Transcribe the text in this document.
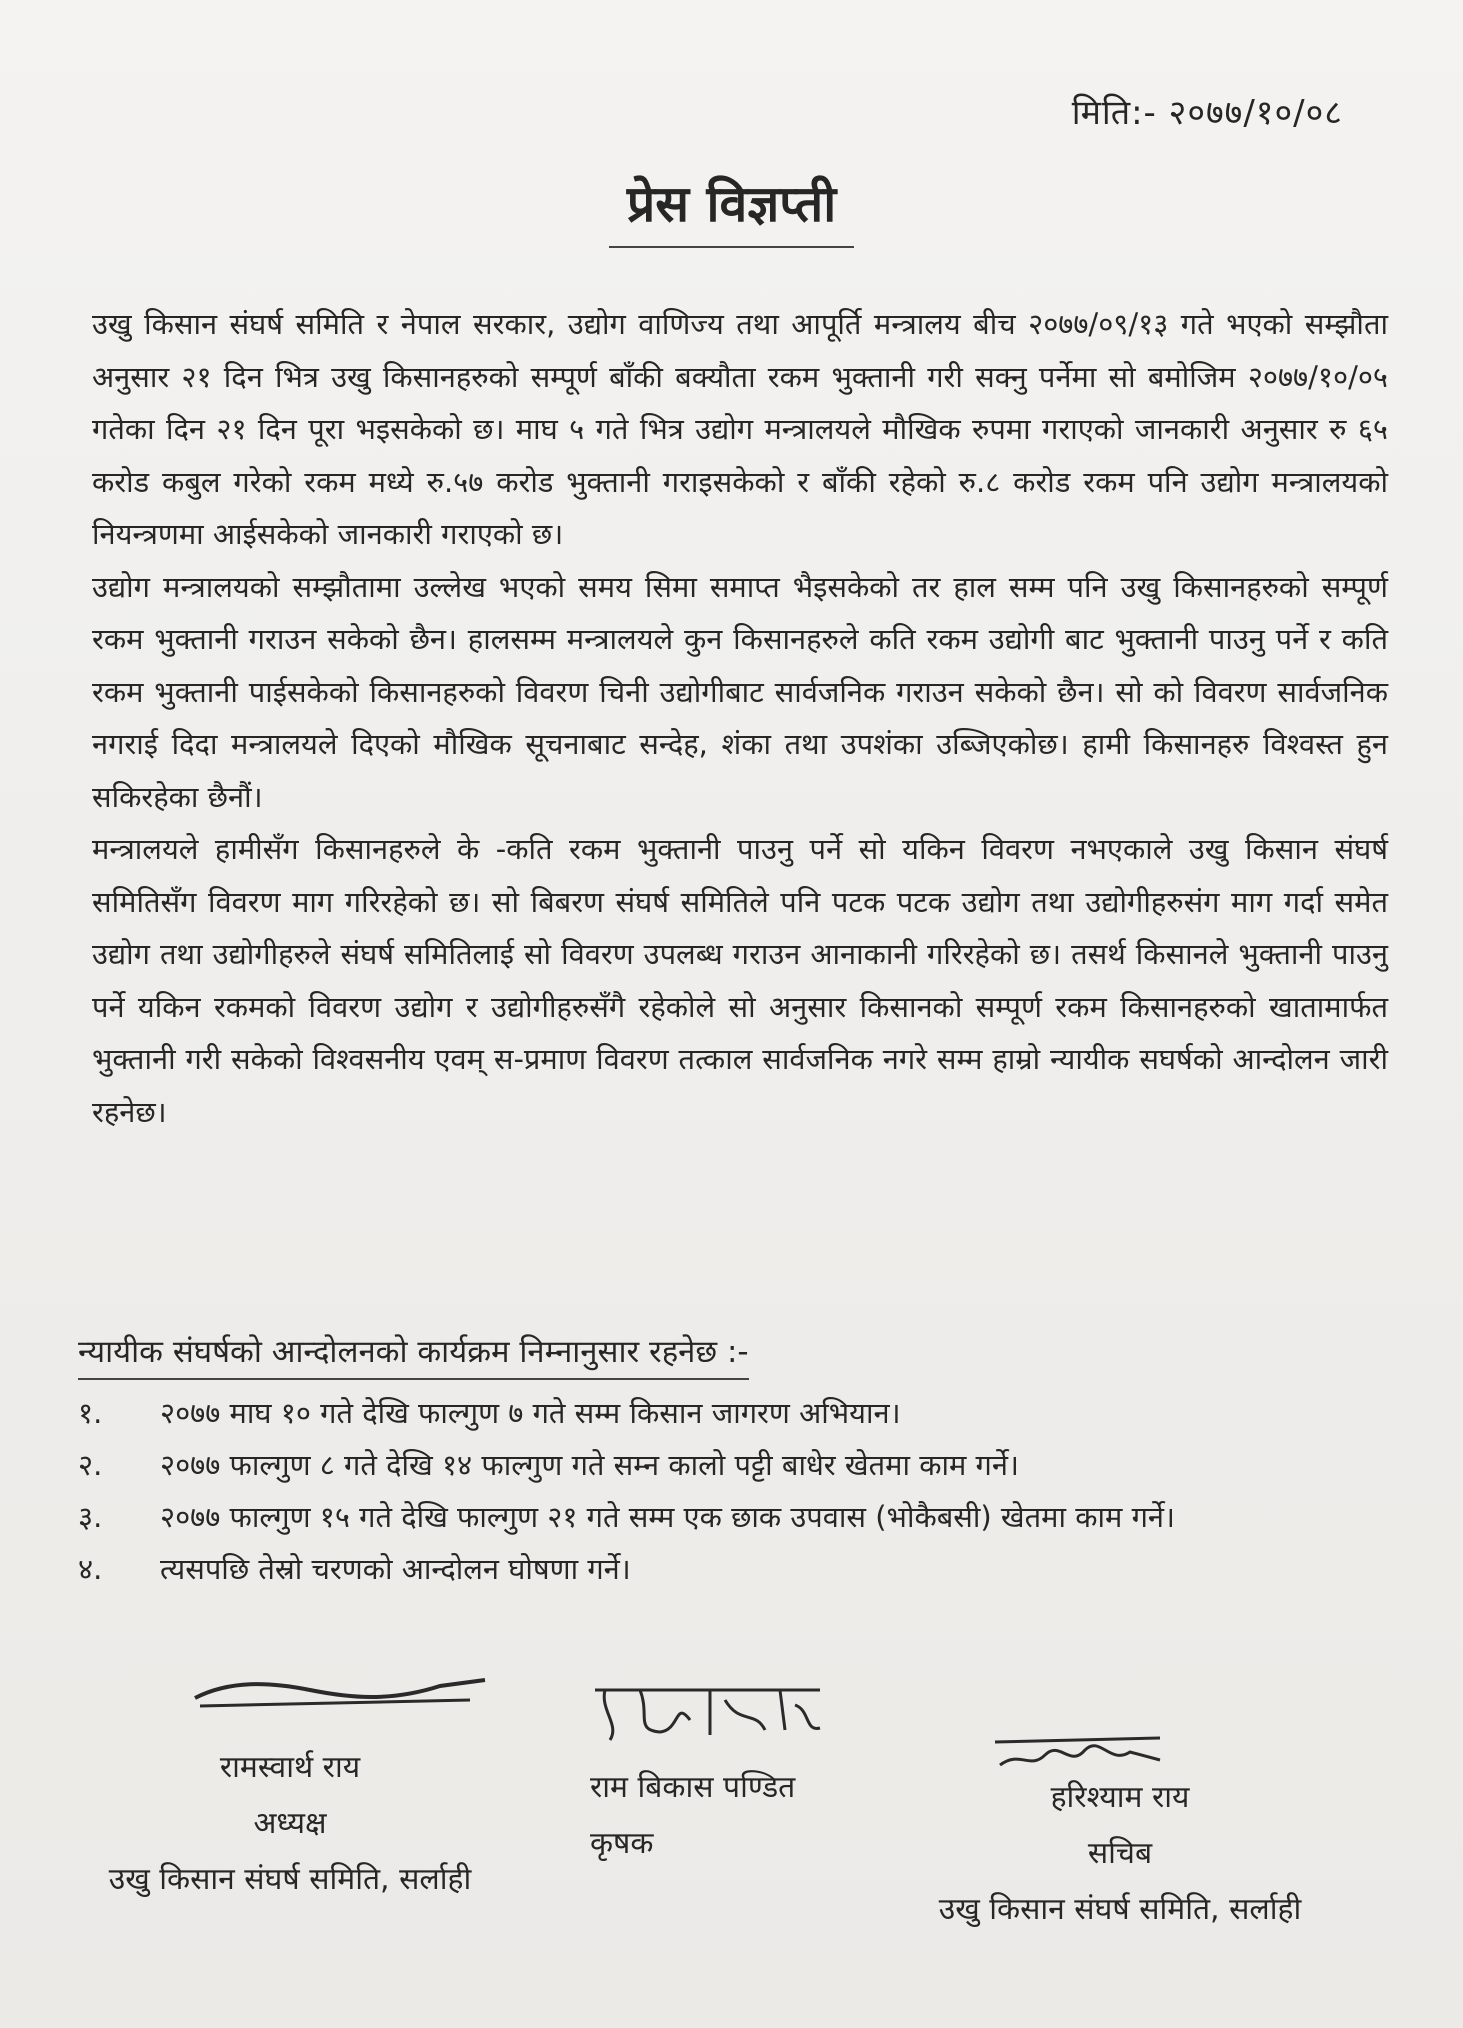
मिति:- २०७७/१०/०८
प्रेस विज्ञप्ती

उखु किसान संघर्ष समिति र नेपाल सरकार, उद्योग वाणिज्य तथा आपूर्ति मन्त्रालय बीच २०७७/०९/१३ गते भएको सम्झौता अनुसार २१ दिन भित्र उखु किसानहरुको सम्पूर्ण बाँकी बक्यौता रकम भुक्तानी गरी सक्नु पर्नेमा सो बमोजिम २०७७/१०/०५ गतेका दिन २१ दिन पूरा भइसकेको छ। माघ ५ गते भित्र उद्योग मन्त्रालयले मौखिक रुपमा गराएको जानकारी अनुसार रु ६५ करोड कबुल गरेको रकम मध्ये रु.५७ करोड भुक्तानी गराइसकेको र बाँकी रहेको रु.८ करोड रकम पनि उद्योग मन्त्रालयको नियन्त्रणमा आईसकेको जानकारी गराएको छ।

उद्योग मन्त्रालयको सम्झौतामा उल्लेख भएको समय सिमा समाप्त भैइसकेको तर हाल सम्म पनि उखु किसानहरुको सम्पूर्ण रकम भुक्तानी गराउन सकेको छैन। हालसम्म मन्त्रालयले कुन किसानहरुले कति रकम उद्योगी बाट भुक्तानी पाउनु पर्ने र कति रकम भुक्तानी पाईसकेको किसानहरुको विवरण चिनी उद्योगीबाट सार्वजनिक गराउन सकेको छैन। सो को विवरण सार्वजनिक नगराई दिदा मन्त्रालयले दिएको मौखिक सूचनाबाट सन्देह, शंका तथा उपशंका उब्जिएकोछ। हामी किसानहरु विश्वस्त हुन सकिरहेका छैनौं।

मन्त्रालयले हामीसँग किसानहरुले के -कति रकम भुक्तानी पाउनु पर्ने सो यकिन विवरण नभएकाले उखु किसान संघर्ष समितिसँग विवरण माग गरिरहेको छ। सो बिबरण संघर्ष समितिले पनि पटक पटक उद्योग तथा उद्योगीहरुसंग माग गर्दा समेत उद्योग तथा उद्योगीहरुले संघर्ष समितिलाई सो विवरण उपलब्ध गराउन आनाकानी गरिरहेको छ। तसर्थ किसानले भुक्तानी पाउनु पर्ने यकिन रकमको विवरण उद्योग र उद्योगीहरुसँगै रहेकोले सो अनुसार किसानको सम्पूर्ण रकम किसानहरुको खातामार्फत भुक्तानी गरी सकेको विश्वसनीय एवम् स-प्रमाण विवरण तत्काल सार्वजनिक नगरे सम्म हाम्रो न्यायीक सघर्षको आन्दोलन जारी रहनेछ।

न्यायीक संघर्षको आन्दोलनको कार्यक्रम निम्नानुसार रहनेछ :-
१.	२०७७ माघ १० गते देखि फाल्गुण ७ गते सम्म किसान जागरण अभियान।
२.	२०७७ फाल्गुण ८ गते देखि १४ फाल्गुण गते सम्न कालो पट्टी बाधेर खेतमा काम गर्ने।
३.	२०७७ फाल्गुण १५ गते देखि फाल्गुण २१ गते सम्म एक छाक उपवास (भोकैबसी) खेतमा काम गर्ने।
४.	त्यसपछि तेस्रो चरणको आन्दोलन घोषणा गर्ने।
रामस्वार्थ राय
अध्यक्ष
उखु किसान संघर्ष समिति, सर्लाही
राम बिकास पण्डित
कृषक
हरिश्याम राय
सचिब
उखु किसान संघर्ष समिति, सर्लाही
